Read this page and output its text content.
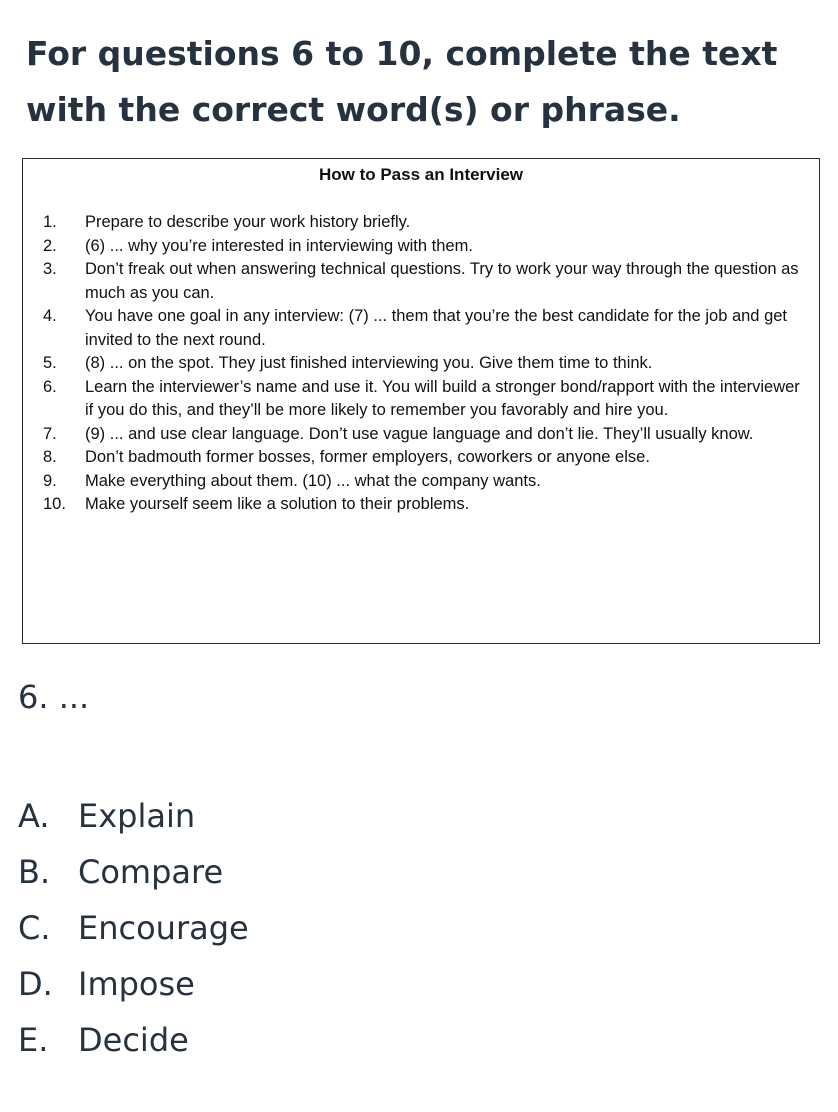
For questions 6 to 10, complete the text with the correct word(s) or phrase.
How to Pass an Interview
1.	Prepare to describe your work history briefly.
2.	(6) ... why you’re interested in interviewing with them.
3.	Don’t freak out when answering technical questions. Try to work your way through the question as much as you can.
4.	You have one goal in any interview: (7) ... them that you’re the best candidate for the job and get invited to the next round.
5.	(8) ... on the spot. They just finished interviewing you. Give them time to think.
6.	Learn the interviewer’s name and use it. You will build a stronger bond/rapport with the interviewer if you do this, and they’ll be more likely to remember you favorably and hire you.
7.	(9) ... and use clear language. Don’t use vague language and don’t lie. They’ll usually know.
8.	Don’t badmouth former bosses, former employers, coworkers or anyone else.
9.	Make everything about them. (10) ... what the company wants.
10.	Make yourself seem like a solution to their problems.
6. ...
A. Explain
B. Compare
C. Encourage
D. Impose
E. Decide
